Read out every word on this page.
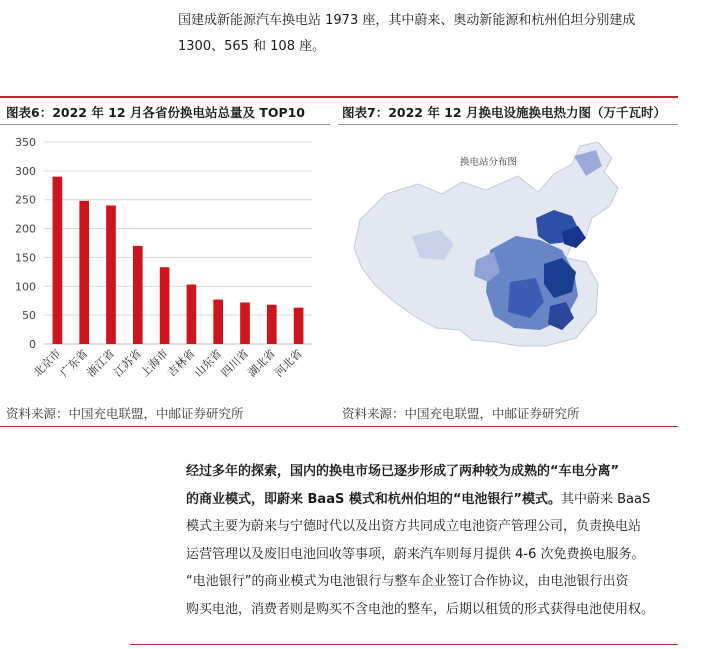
国建成新能源汽车换电站 1973 座，其中蔚来、奥动新能源和杭州伯坦分别建成

1300、565 和 108 座。

图表6：2022 年 12 月各省份换电站总量及 TOP10	图表7：2022 年 12 月换电设施换电热力图（万千瓦时）
0
50
100
150
200
250
300
350
北京市
广东省
浙江省
江苏省
上海市
吉林省
山东省
四川省
湖北省
河北省
换电站分布图
资料来源：中国充电联盟，中邮证券研究所	资料来源：中国充电联盟，中邮证券研究所

经过多年的探索，国内的换电市场已逐步形成了两种较为成熟的“车电分离”

的商业模式，即蔚来 BaaS 模式和杭州伯坦的“电池银行”模式。其中蔚来 BaaS

模式主要为蔚来与宁德时代以及出资方共同成立电池资产管理公司，负责换电站

运营管理以及废旧电池回收等事项，蔚来汽车则每月提供 4-6 次免费换电服务。

“电池银行”的商业模式为电池银行与整车企业签订合作协议，由电池银行出资

购买电池，消费者则是购买不含电池的整车，后期以租赁的形式获得电池使用权。
